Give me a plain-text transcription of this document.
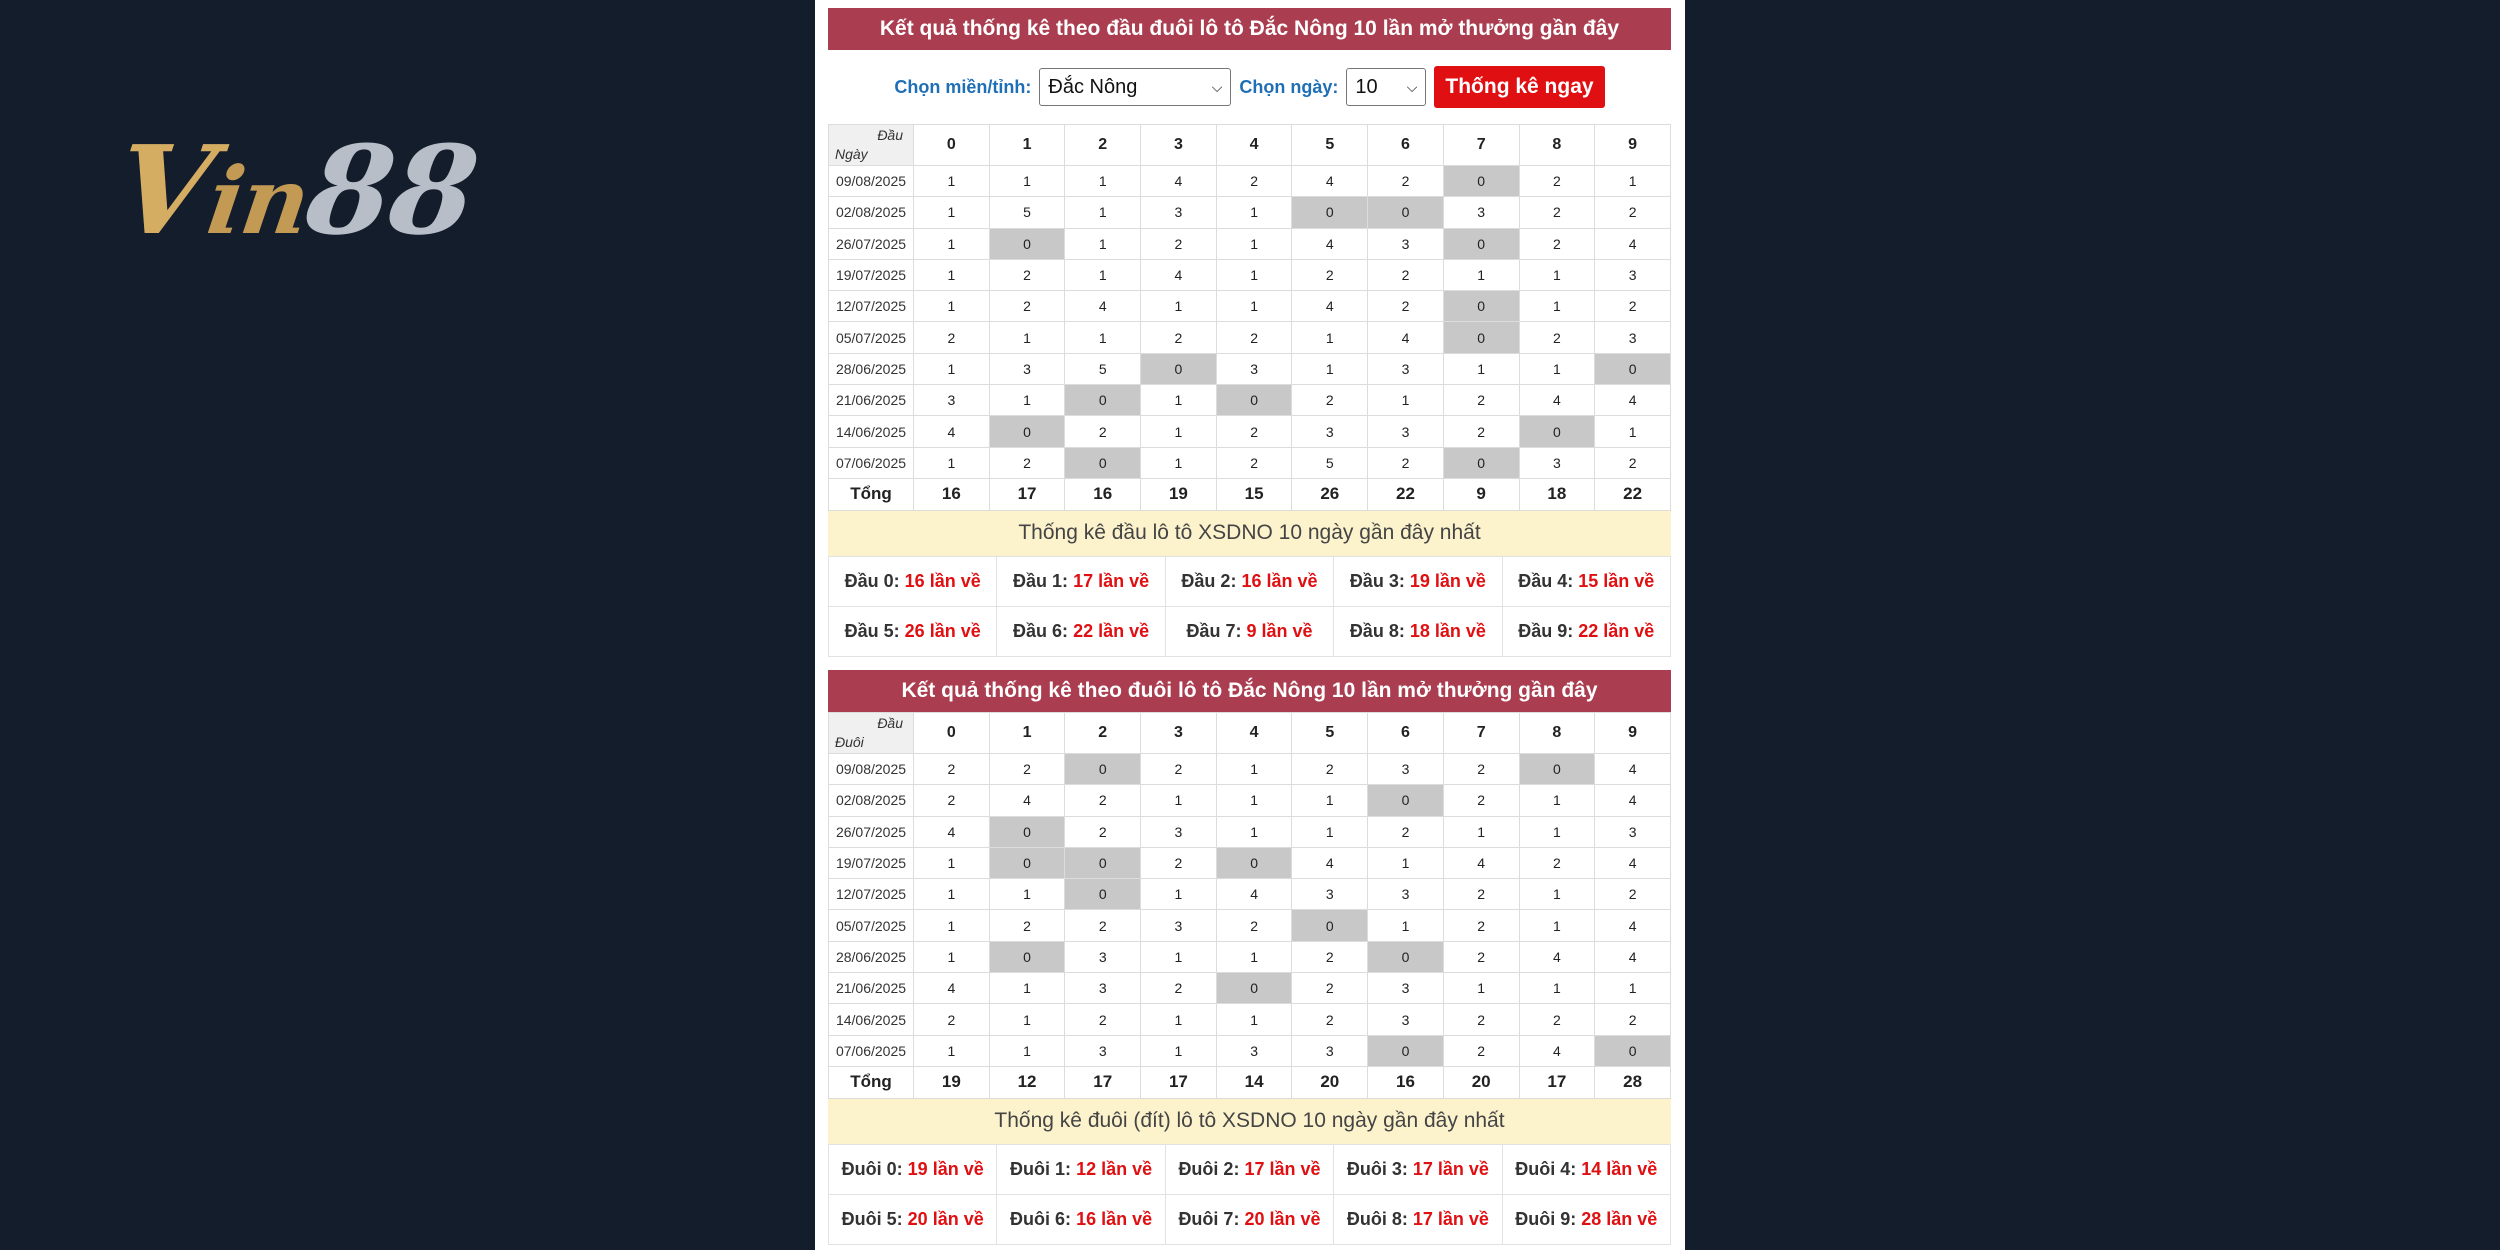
Vin88
Kết quả thống kê theo đầu đuôi lô tô Đắc Nông 10 lần mở thưởng gần đây
Chọn miền/tỉnh: Đắc Nông	⌵ Chọn ngày: 10 ⌵	Thống kê ngay
Đầu
Ngày	0	1	2	3	4	5	6	7	8	9
09/08/2025	1	1	1	4	2	4	2	0	2	1
02/08/2025	1	5	1	3	1	0	0	3	2	2
26/07/2025	1	0	1	2	1	4	3	0	2	4
19/07/2025	1	2	1	4	1	2	2	1	1	3
12/07/2025	1	2	4	1	1	4	2	0	1	2
05/07/2025	2	1	1	2	2	1	4	0	2	3
28/06/2025	1	3	5	0	3	1	3	1	1	0
21/06/2025	3	1	0	1	0	2	1	2	4	4
14/06/2025	4	0	2	1	2	3	3	2	0	1
07/06/2025	1	2	0	1	2	5	2	0	3	2
Tổng	16	17	16	19	15	26	22	9	18	22
Thống kê đầu lô tô XSDNO 10 ngày gần đây nhất
Đầu 0: 16 lần về	Đầu 1: 17 lần về	Đầu 2: 16 lần về	Đầu 3: 19 lần về	Đầu 4: 15 lần về
Đầu 5: 26 lần về	Đầu 6: 22 lần về	Đầu 7: 9 lần về	Đầu 8: 18 lần về	Đầu 9: 22 lần về
Kết quả thống kê theo đuôi lô tô Đắc Nông 10 lần mở thưởng gần đây
Đầu
Đuôi	0	1	2	3	4	5	6	7	8	9
09/08/2025	2	2	0	2	1	2	3	2	0	4
02/08/2025	2	4	2	1	1	1	0	2	1	4
26/07/2025	4	0	2	3	1	1	2	1	1	3
19/07/2025	1	0	0	2	0	4	1	4	2	4
12/07/2025	1	1	0	1	4	3	3	2	1	2
05/07/2025	1	2	2	3	2	0	1	2	1	4
28/06/2025	1	0	3	1	1	2	0	2	4	4
21/06/2025	4	1	3	2	0	2	3	1	1	1
14/06/2025	2	1	2	1	1	2	3	2	2	2
07/06/2025	1	1	3	1	3	3	0	2	4	0
Tổng	19	12	17	17	14	20	16	20	17	28
Thống kê đuôi (đít) lô tô XSDNO 10 ngày gần đây nhất
Đuôi 0: 19 lần về	Đuôi 1: 12 lần về	Đuôi 2: 17 lần về	Đuôi 3: 17 lần về	Đuôi 4: 14 lần về
Đuôi 5: 20 lần về	Đuôi 6: 16 lần về	Đuôi 7: 20 lần về	Đuôi 8: 17 lần về	Đuôi 9: 28 lần về
